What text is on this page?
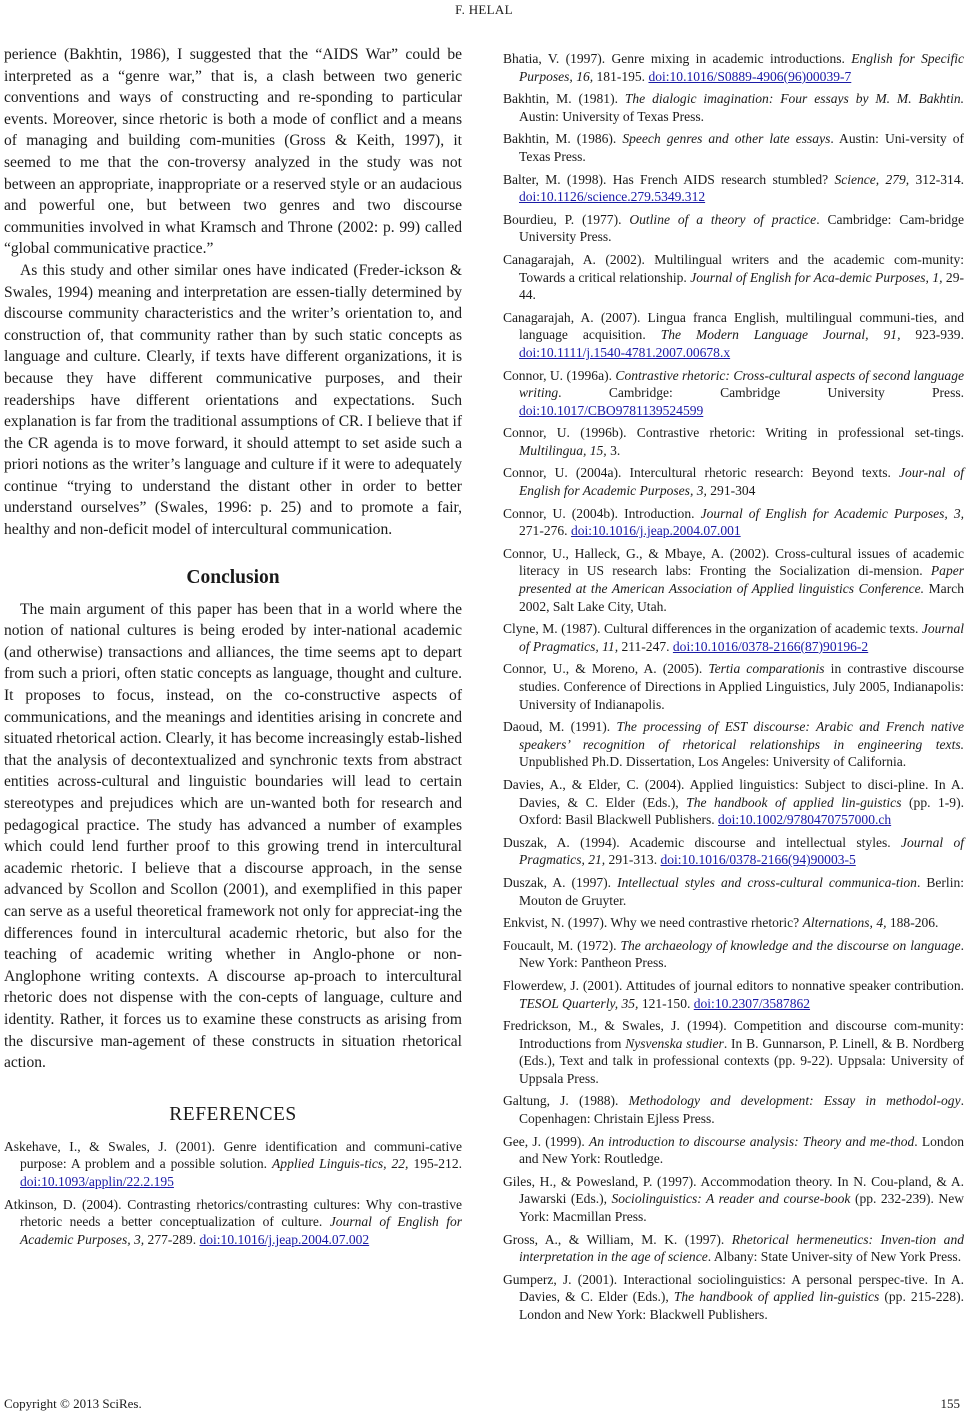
F. HELAL

perience (Bakhtin, 1986), I suggested that the “AIDS War” could be interpreted as a “genre war,” that is, a clash between two generic conventions and ways of constructing and re-sponding to particular events. Moreover, since rhetoric is both a mode of conflict and a means of managing and building com-munities (Gross & Keith, 1997), it seemed to me that the con-troversy analyzed in the study was not between an appropriate, inappropriate or a reserved style or an audacious and powerful one, but between two genres and two discourse communities involved in what Kramsch and Throne (2002: p. 99) called “global communicative practice.”

As this study and other similar ones have indicated (Freder-ickson & Swales, 1994) meaning and interpretation are essen-tially determined by discourse community characteristics and the writer’s orientation to, and construction of, that community rather than by such static concepts as language and culture. Clearly, if texts have different organizations, it is because they have different communicative purposes, and their readerships have different orientations and expectations. Such explanation is far from the traditional assumptions of CR. I believe that if the CR agenda is to move forward, it should attempt to set aside such a priori notions as the writer’s language and culture if it were to adequately continue “trying to understand the distant other in order to better understand ourselves” (Swales, 1996: p. 25) and to promote a fair, healthy and non-deficit model of intercultural communication.

Conclusion

The main argument of this paper has been that in a world where the notion of national cultures is being eroded by inter-national academic (and otherwise) transactions and alliances, the time seems apt to depart from such a priori, often static concepts as language, thought and culture. It proposes to focus, instead, on the co-constructive aspects of communications, and the meanings and identities arising in concrete and situated rhetorical action. Clearly, it has become increasingly estab-lished that the analysis of decontextualized and synchronic texts from abstract entities across-cultural and linguistic boundaries will lead to certain stereotypes and prejudices which are un-wanted both for research and pedagogical practice. The study has advanced a number of examples which could lend further proof to this growing trend in intercultural academic rhetoric. I believe that a discourse approach, in the sense advanced by Scollon and Scollon (2001), and exemplified in this paper can serve as a useful theoretical framework not only for appreciat-ing the differences found in intercultural academic rhetoric, but also for the teaching of academic writing whether in Anglo-phone or non-Anglophone writing contexts. A discourse ap-proach to intercultural rhetoric does not dispense with the con-cepts of language, culture and identity. Rather, it forces us to examine these constructs as arising from the discursive man-agement of these constructs in situation rhetorical action.

REFERENCES

Askehave, I., & Swales, J. (2001). Genre identification and communi-cative purpose: A problem and a possible solution. Applied Linguis-tics, 22, 195-212. doi:10.1093/applin/22.2.195

Atkinson, D. (2004). Contrasting rhetorics/contrasting cultures: Why con-trastive rhetoric needs a better conceptualization of culture. Journal of English for Academic Purposes, 3, 277-289. doi:10.1016/j.jeap.2004.07.002

Bhatia, V. (1997). Genre mixing in academic introductions. English for Specific Purposes, 16, 181-195. doi:10.1016/S0889-4906(96)00039-7

Bakhtin, M. (1981). The dialogic imagination: Four essays by M. M. Bakhtin. Austin: University of Texas Press.

Bakhtin, M. (1986). Speech genres and other late essays. Austin: Uni-versity of Texas Press.

Balter, M. (1998). Has French AIDS research stumbled? Science, 279, 312-314. doi:10.1126/science.279.5349.312

Bourdieu, P. (1977). Outline of a theory of practice. Cambridge: Cam-bridge University Press.

Canagarajah, A. (2002). Multilingual writers and the academic com-munity: Towards a critical relationship. Journal of English for Aca-demic Purposes, 1, 29-44.

Canagarajah, A. (2007). Lingua franca English, multilingual communi-ties, and language acquisition. The Modern Language Journal, 91, 923-939. doi:10.1111/j.1540-4781.2007.00678.x

Connor, U. (1996a). Contrastive rhetoric: Cross-cultural aspects of second language writing. Cambridge: Cambridge University Press. doi:10.1017/CBO9781139524599

Connor, U. (1996b). Contrastive rhetoric: Writing in professional set-tings. Multilingua, 15, 3.

Connor, U. (2004a). Intercultural rhetoric research: Beyond texts. Jour-nal of English for Academic Purposes, 3, 291-304

Connor, U. (2004b). Introduction. Journal of English for Academic Purposes, 3, 271-276. doi:10.1016/j.jeap.2004.07.001

Connor, U., Halleck, G., & Mbaye, A. (2002). Cross-cultural issues of academic literacy in US research labs: Fronting the Socialization di-mension. Paper presented at the American Association of Applied linguistics Conference. March 2002, Salt Lake City, Utah.

Clyne, M. (1987). Cultural differences in the organization of academic texts. Journal of Pragmatics, 11, 211-247. doi:10.1016/0378-2166(87)90196-2

Connor, U., & Moreno, A. (2005). Tertia comparationis in contrastive discourse studies. Conference of Directions in Applied Linguistics, July 2005, Indianapolis: University of Indianapolis.

Daoud, M. (1991). The processing of EST discourse: Arabic and French native speakers’ recognition of rhetorical relationships in engineering texts. Unpublished Ph.D. Dissertation, Los Angeles: University of California.

Davies, A., & Elder, C. (2004). Applied linguistics: Subject to disci-pline. In A. Davies, & C. Elder (Eds.), The handbook of applied lin-guistics (pp. 1-9). Oxford: Basil Blackwell Publishers. doi:10.1002/9780470757000.ch

Duszak, A. (1994). Academic discourse and intellectual styles. Journal of Pragmatics, 21, 291-313. doi:10.1016/0378-2166(94)90003-5

Duszak, A. (1997). Intellectual styles and cross-cultural communica-tion. Berlin: Mouton de Gruyter.

Enkvist, N. (1997). Why we need contrastive rhetoric? Alternations, 4, 188-206.

Foucault, M. (1972). The archaeology of knowledge and the discourse on language. New York: Pantheon Press.

Flowerdew, J. (2001). Attitudes of journal editors to nonnative speaker contribution. TESOL Quarterly, 35, 121-150. doi:10.2307/3587862

Fredrickson, M., & Swales, J. (1994). Competition and discourse com-munity: Introductions from Nysvenska studier. In B. Gunnarson, P. Linell, & B. Nordberg (Eds.), Text and talk in professional contexts (pp. 9-22). Uppsala: University of Uppsala Press.

Galtung, J. (1988). Methodology and development: Essay in methodol-ogy. Copenhagen: Christain Ejless Press.

Gee, J. (1999). An introduction to discourse analysis: Theory and me-thod. London and New York: Routledge.

Giles, H., & Powesland, P. (1997). Accommodation theory. In N. Cou-pland, & A. Jawarski (Eds.), Sociolinguistics: A reader and course-book (pp. 232-239). New York: Macmillan Press.

Gross, A., & William, M. K. (1997). Rhetorical hermeneutics: Inven-tion and interpretation in the age of science. Albany: State Univer-sity of New York Press.

Gumperz, J. (2001). Interactional sociolinguistics: A personal perspec-tive. In A. Davies, & C. Elder (Eds.), The handbook of applied lin-guistics (pp. 215-228). London and New York: Blackwell Publishers.

Copyright © 2013 SciRes.	155
